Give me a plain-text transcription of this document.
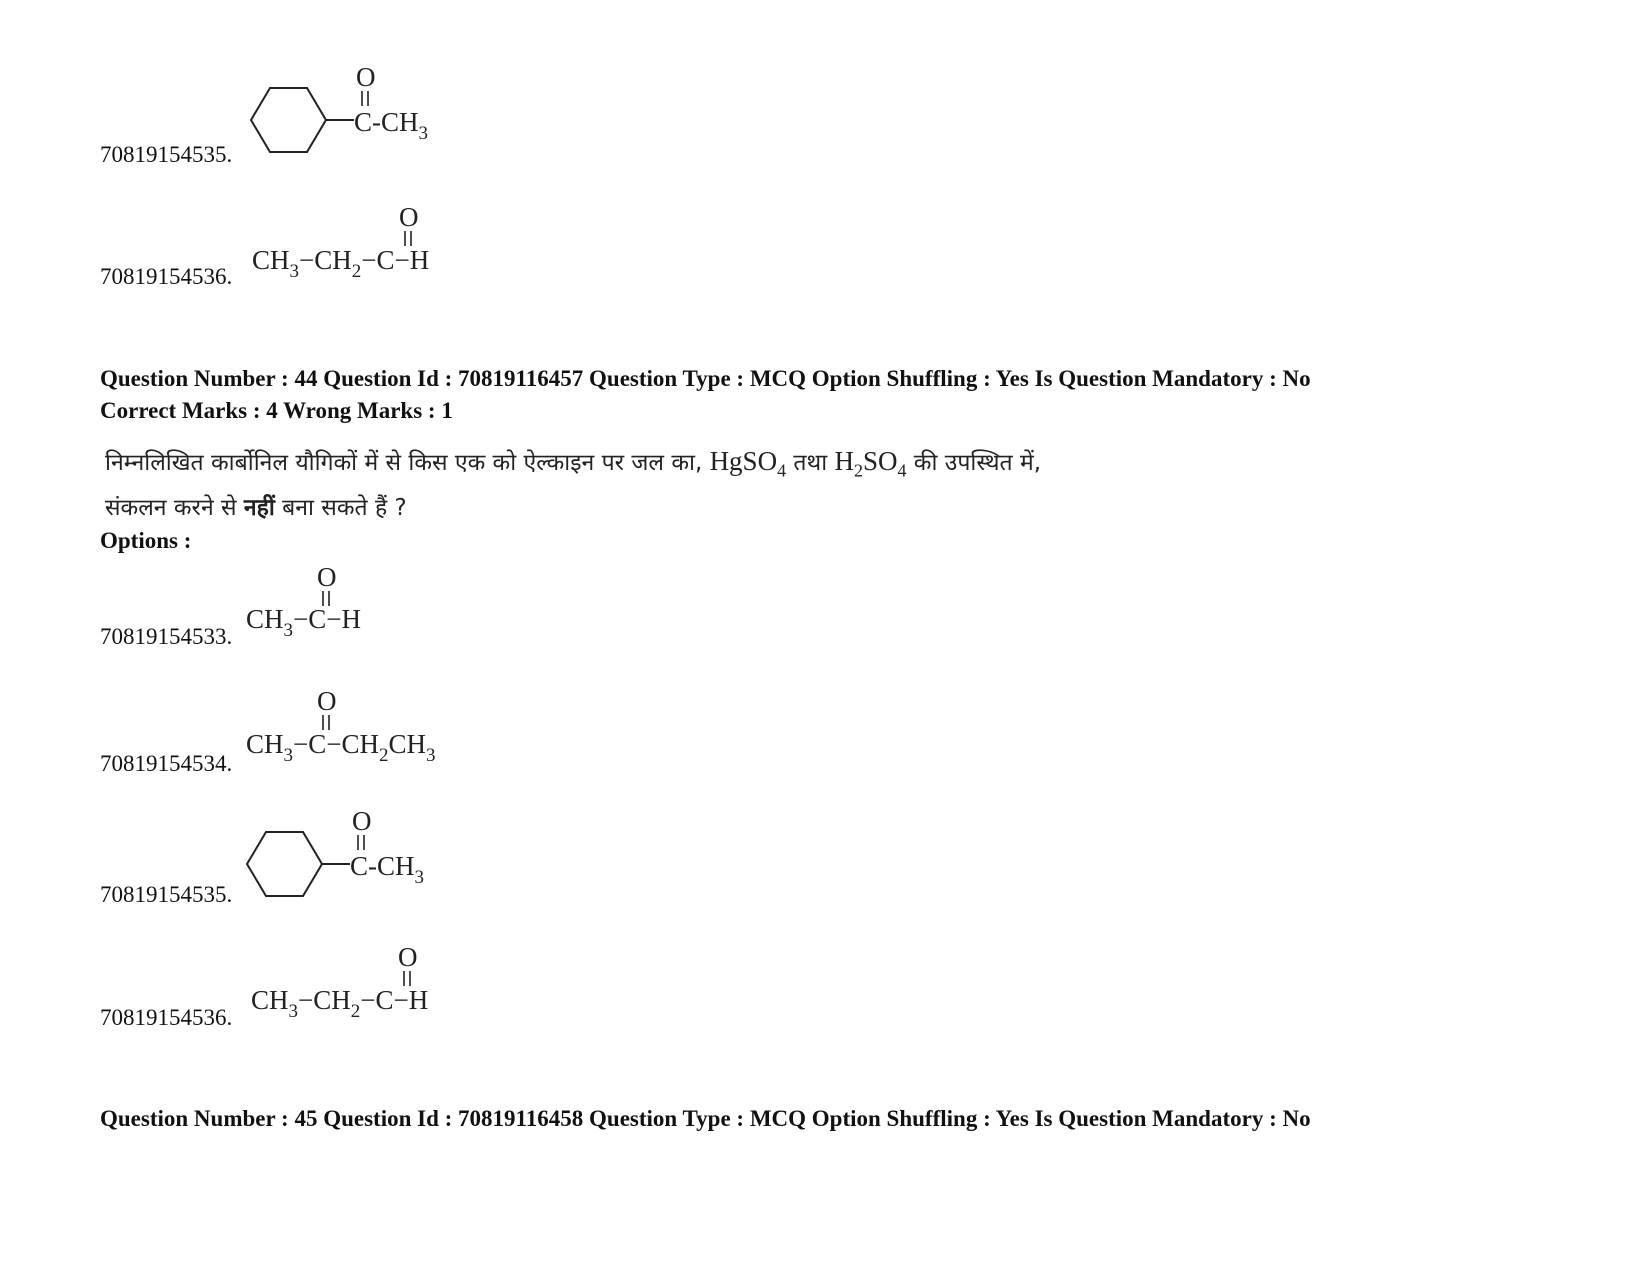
70819154535.
O
$C-CH_3$
70819154536.
O
$CH_3-CH_2-C-H$
Question Number : 44 Question Id : 70819116457 Question Type : MCQ Option Shuffling : Yes Is Question Mandatory : No
Correct Marks : 4 Wrong Marks : 1
निम्नलिखित कार्बोनिल यौगिकों में से किस एक को ऐल्काइन पर जल का, HgSO$_4$ तथा $H_2SO_4$ की उपस्थित में,
संकलन करने से नहीं बना सकते हैं ?
Options :
70819154533.
O
$CH_3-C-H$
70819154534.
O
$CH_3-C-CH_2CH_3$
70819154535.
O
$C-CH_3$
70819154536.
O
$CH_3-CH_2-C-H$
Question Number : 45 Question Id : 70819116458 Question Type : MCQ Option Shuffling : Yes Is Question Mandatory : No
